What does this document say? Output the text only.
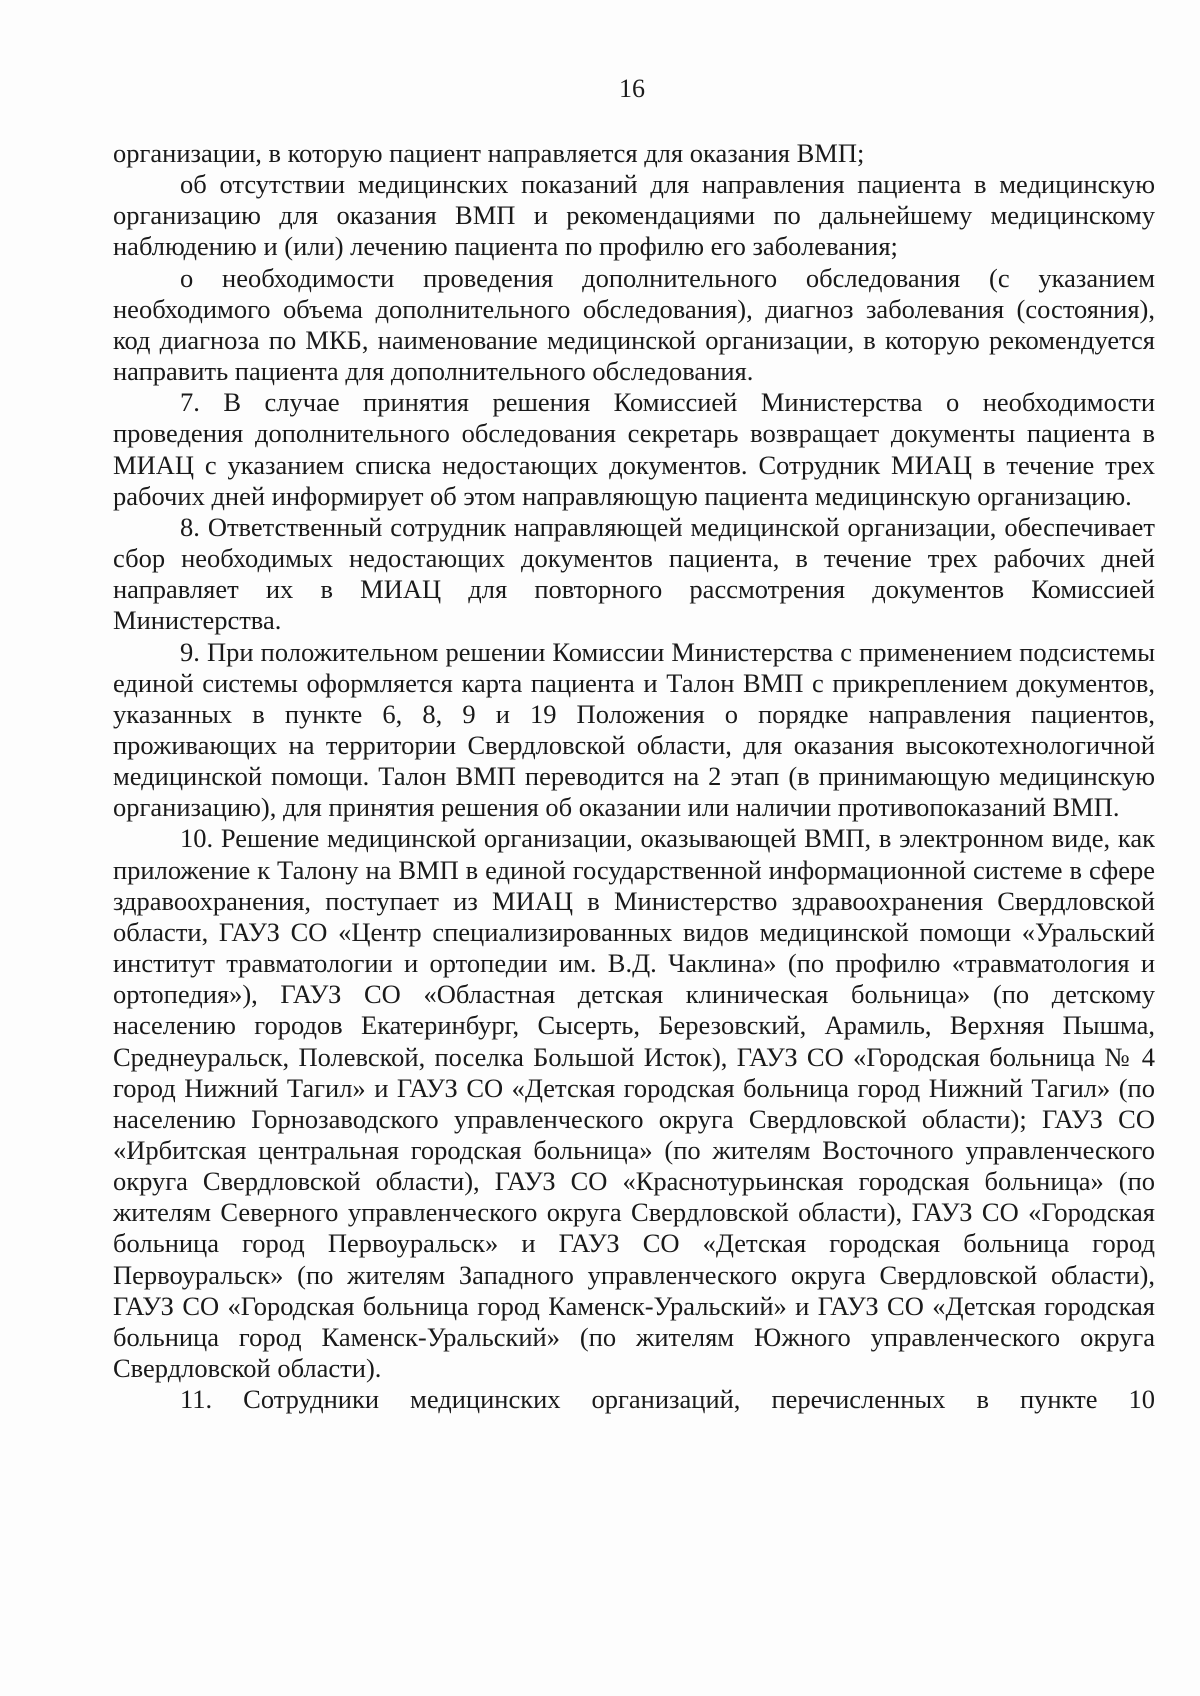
16

организации, в которую пациент направляется для оказания ВМП;

об отсутствии медицинских показаний для направления пациента в медицинскую организацию для оказания ВМП и рекомендациями по дальнейшему медицинскому наблюдению и (или) лечению пациента по профилю его заболевания;

о необходимости проведения дополнительного обследования (с указанием необходимого объема дополнительного обследования), диагноз заболевания (состояния), код диагноза по МКБ, наименование медицинской организации, в которую рекомендуется направить пациента для дополнительного обследования.

7. В случае принятия решения Комиссией Министерства о необходимости проведения дополнительного обследования секретарь возвращает документы пациента в МИАЦ с указанием списка недостающих документов. Сотрудник МИАЦ в течение трех рабочих дней информирует об этом направляющую пациента медицинскую организацию.

8. Ответственный сотрудник направляющей медицинской организации, обеспечивает сбор необходимых недостающих документов пациента, в течение трех рабочих дней направляет их в МИАЦ для повторного рассмотрения документов Комиссией Министерства.

9. При положительном решении Комиссии Министерства с применением подсистемы единой системы оформляется карта пациента и Талон ВМП с прикреплением документов, указанных в пункте 6, 8, 9 и 19 Положения о порядке направления пациентов, проживающих на территории Свердловской области, для оказания высокотехнологичной медицинской помощи. Талон ВМП переводится на 2 этап (в принимающую медицинскую организацию), для принятия решения об оказании или наличии противопоказаний ВМП.

10. Решение медицинской организации, оказывающей ВМП, в электронном виде, как приложение к Талону на ВМП в единой государственной информационной системе в сфере здравоохранения, поступает из МИАЦ в Министерство здравоохранения Свердловской области, ГАУЗ СО «Центр специализированных видов медицинской помощи «Уральский институт травматологии и ортопедии им. В.Д. Чаклина» (по профилю «травматология и ортопедия»), ГАУЗ СО «Областная детская клиническая больница» (по детскому населению городов Екатеринбург, Сысерть, Березовский, Арамиль, Верхняя Пышма, Среднеуральск, Полевской, поселка Большой Исток), ГАУЗ СО «Городская больница № 4 город Нижний Тагил» и ГАУЗ СО «Детская городская больница город Нижний Тагил» (по населению Горнозаводского управленческого округа Свердловской области); ГАУЗ СО «Ирбитская центральная городская больница» (по жителям Восточного управленческого округа Свердловской области), ГАУЗ СО «Краснотурьинская городская больница» (по жителям Северного управленческого округа Свердловской области), ГАУЗ СО «Городская больница город Первоуральск» и ГАУЗ СО «Детская городская больница город Первоуральск» (по жителям Западного управленческого округа Свердловской области), ГАУЗ СО «Городская больница город Каменск-Уральский» и ГАУЗ СО «Детская городская больница город Каменск-Уральский» (по жителям Южного управленческого округа Свердловской области).

11. Сотрудники медицинских организаций, перечисленных в пункте 10
